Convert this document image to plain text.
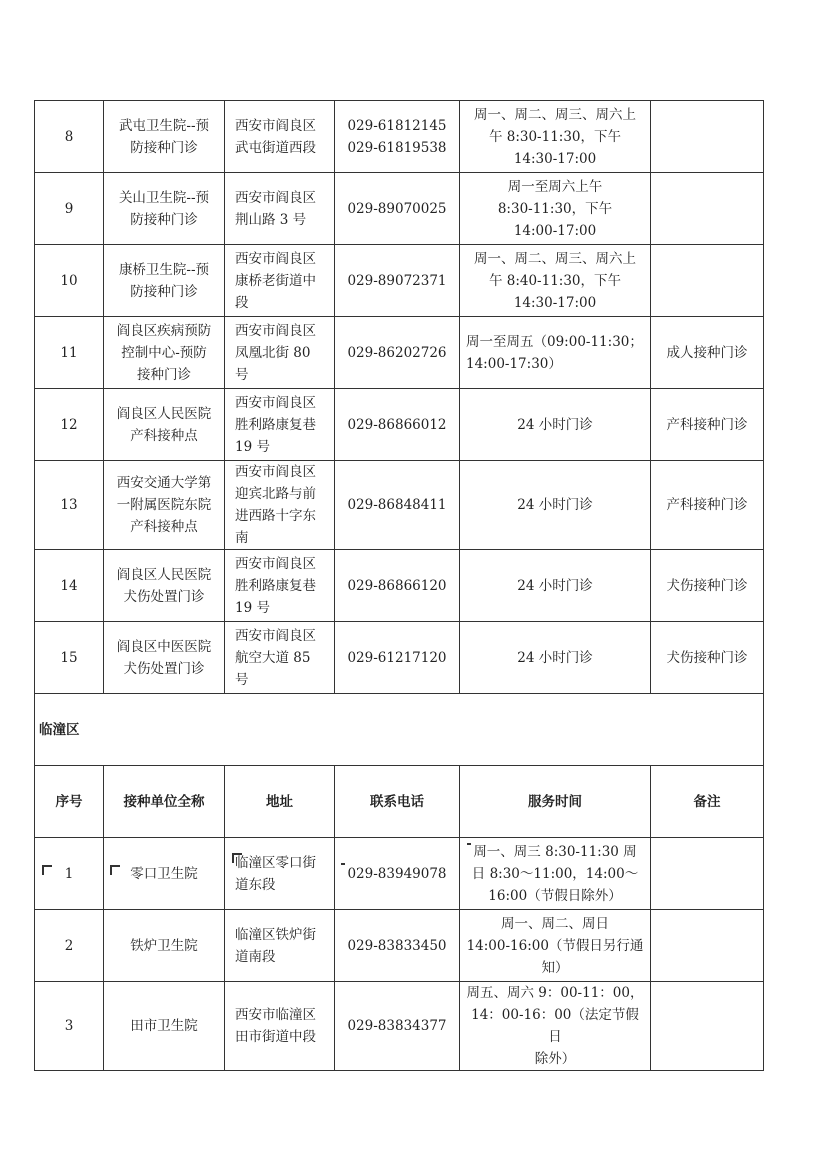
8	武屯卫生院--预
防接种门诊	西安市阎良区
武屯街道西段	029-61812145
029-61819538	周一、周二、周三、周六上
午 8:30-11:30，下午
14:30-17:00	

9	关山卫生院--预
防接种门诊	西安市阎良区
荆山路 3 号	029-89070025	周一至周六上午
8:30-11:30，下午
14:00-17:00	

10	康桥卫生院--预
防接种门诊	西安市阎良区
康桥老街道中
段	029-89072371	周一、周二、周三、周六上
午 8:40-11:30，下午
14:30-17:00	

11	阎良区疾病预防
控制中心-预防
接种门诊	西安市阎良区
凤凰北街 80 号	029-86202726	周一至周五（09:00-11:30；
14:00-17:30）	成人接种门诊
12	阎良区人民医院
产科接种点	西安市阎良区
胜利路康复巷
19 号	029-86866012	24 小时门诊	产科接种门诊
13	西安交通大学第
一附属医院东院
产科接种点	西安市阎良区
迎宾北路与前
进西路十字东
南	029-86848411	24 小时门诊	产科接种门诊
14	阎良区人民医院
犬伤处置门诊	西安市阎良区
胜利路康复巷
19 号	029-86866120	24 小时门诊	犬伤接种门诊
15	阎良区中医医院
犬伤处置门诊	西安市阎良区
航空大道 85 号	029-61217120	24 小时门诊	犬伤接种门诊
临潼区					
序号	接种单位全称	地址	联系电话	服务时间	备注
1	零口卫生院	临潼区零口街
道东段	029-83949078	周一、周三 8:30-11:30 周
日 8:30～11:00，14:00～
16:00（节假日除外）	

2	铁炉卫生院	临潼区铁炉街
道南段	029-83833450	周一、周二、周日
14:00-16:00（节假日另行通
知）	

3	田市卫生院	西安市临潼区
田市街道中段	029-83834377	周五、周六 9：00-11：00，
14：00-16：00（法定节假日
除外）	
